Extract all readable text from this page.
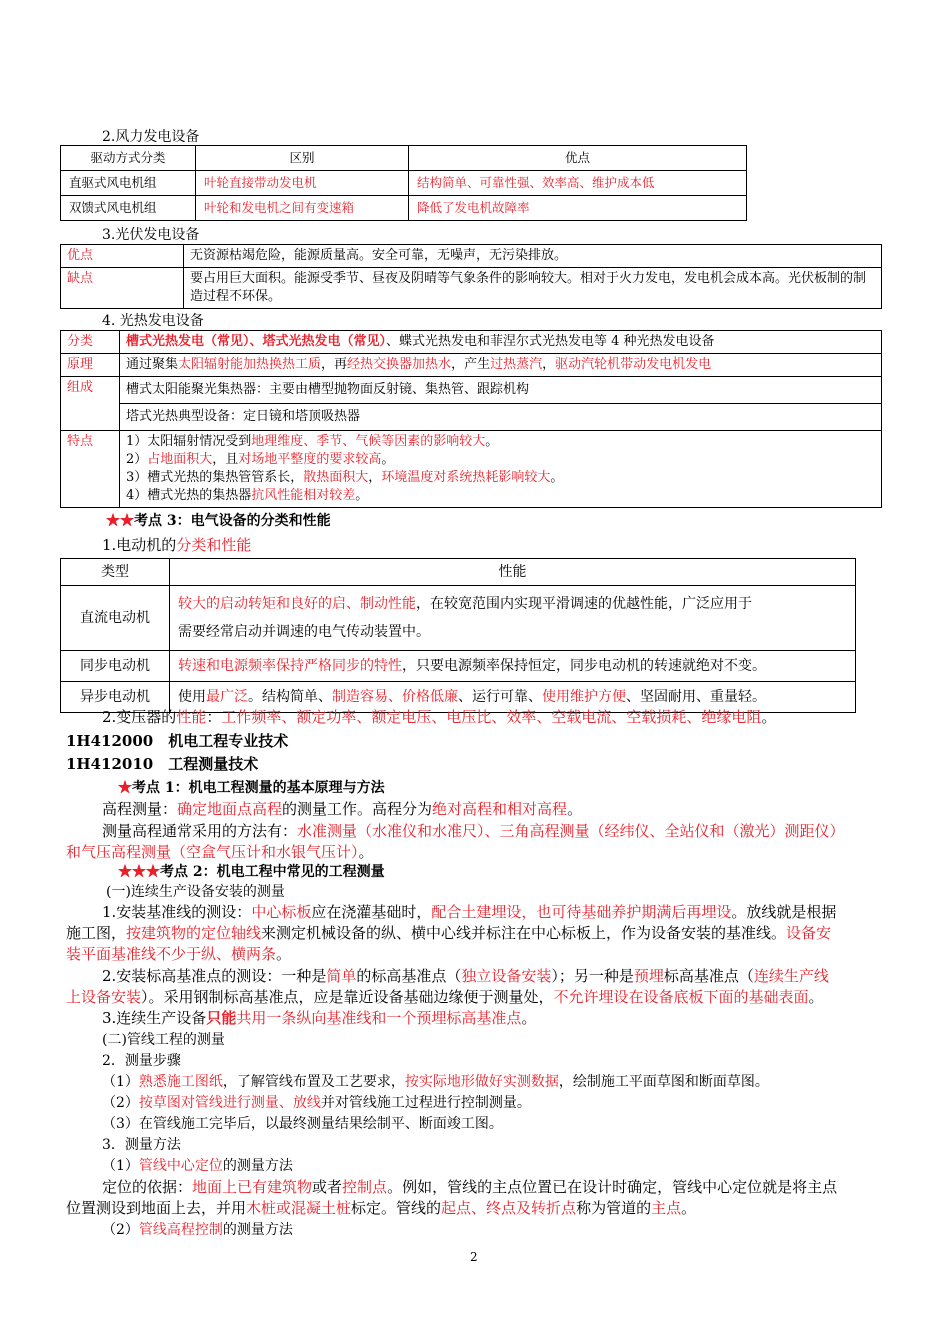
2.风力发电设备
驱动方式分类	区别	优点
直驱式风电机组	叶轮直接带动发电机	结构简单、可靠性强、效率高、维护成本低
双馈式风电机组	叶轮和发电机之间有变速箱	降低了发电机故障率
3.光伏发电设备
优点	无资源枯竭危险，能源质量高。安全可靠，无噪声，无污染排放。
缺点	要占用巨大面积。能源受季节、昼夜及阴晴等气象条件的影响较大。相对于火力发电，发电机会成本高。光伏板制的制造过程不环保。
4. 光热发电设备
分类	槽式光热发电（常见）、塔式光热发电（常见）、蝶式光热发电和菲涅尔式光热发电等 4 种光热发电设备
原理	通过聚集太阳辐射能加热换热工质，再经热交换器加热水，产生过热蒸汽，驱动汽轮机带动发电机发电
组成	槽式太阳能聚光集热器：主要由槽型抛物面反射镜、集热管、跟踪机构
	塔式光热典型设备：定日镜和塔顶吸热器
特点	1）太阳辐射情况受到地理维度、季节、气候等因素的影响较大。
2）占地面积大，且对场地平整度的要求较高。
3）槽式光热的集热管管系长，散热面积大，环境温度对系统热耗影响较大。
4）槽式光热的集热器抗风性能相对较差。
★★考点 3：电气设备的分类和性能
1.电动机的分类和性能
类型	性能
直流电动机	较大的启动转矩和良好的启、制动性能，在较宽范围内实现平滑调速的优越性能，广泛应用于
需要经常启动并调速的电气传动装置中。
同步电动机	转速和电源频率保持严格同步的特性，只要电源频率保持恒定，同步电动机的转速就绝对不变。
异步电动机	使用最广泛。结构简单、制造容易、价格低廉、运行可靠、使用维护方便、坚固耐用、重量轻。
2.变压器的性能：工作频率、额定功率、额定电压、电压比、效率、空载电流、空载损耗、绝缘电阻。
1H412000　机电工程专业技术
1H412010　工程测量技术
★考点 1：机电工程测量的基本原理与方法
高程测量：确定地面点高程的测量工作。高程分为绝对高程和相对高程。
测量高程通常采用的方法有：水准测量（水准仪和水准尺）、三角高程测量（经纬仪、全站仪和（激光）测距仪）
和气压高程测量（空盒气压计和水银气压计）。
★★★考点 2：机电工程中常见的工程测量
(一)连续生产设备安装的测量
1.安装基准线的测设：中心标板应在浇灌基础时，配合土建埋设，也可待基础养护期满后再埋设。放线就是根据
施工图，按建筑物的定位轴线来测定机械设备的纵、横中心线并标注在中心标板上，作为设备安装的基准线。设备安
装平面基准线不少于纵、横两条。
2.安装标高基准点的测设：一种是简单的标高基准点（独立设备安装）；另一种是预埋标高基准点（连续生产线
上设备安装）。采用钢制标高基准点，应是靠近设备基础边缘便于测量处，不允许埋设在设备底板下面的基础表面。
3.连续生产设备只能共用一条纵向基准线和一个预埋标高基准点。
(二)管线工程的测量
2．测量步骤
（1）熟悉施工图纸，了解管线布置及工艺要求，按实际地形做好实测数据，绘制施工平面草图和断面草图。
（2）按草图对管线进行测量、放线并对管线施工过程进行控制测量。
（3）在管线施工完毕后，以最终测量结果绘制平、断面竣工图。
3．测量方法
（1）管线中心定位的测量方法
定位的依据：地面上已有建筑物或者控制点。例如，管线的主点位置已在设计时确定，管线中心定位就是将主点
位置测设到地面上去，并用木桩或混凝土桩标定。管线的起点、终点及转折点称为管道的主点。
（2）管线高程控制的测量方法
2
